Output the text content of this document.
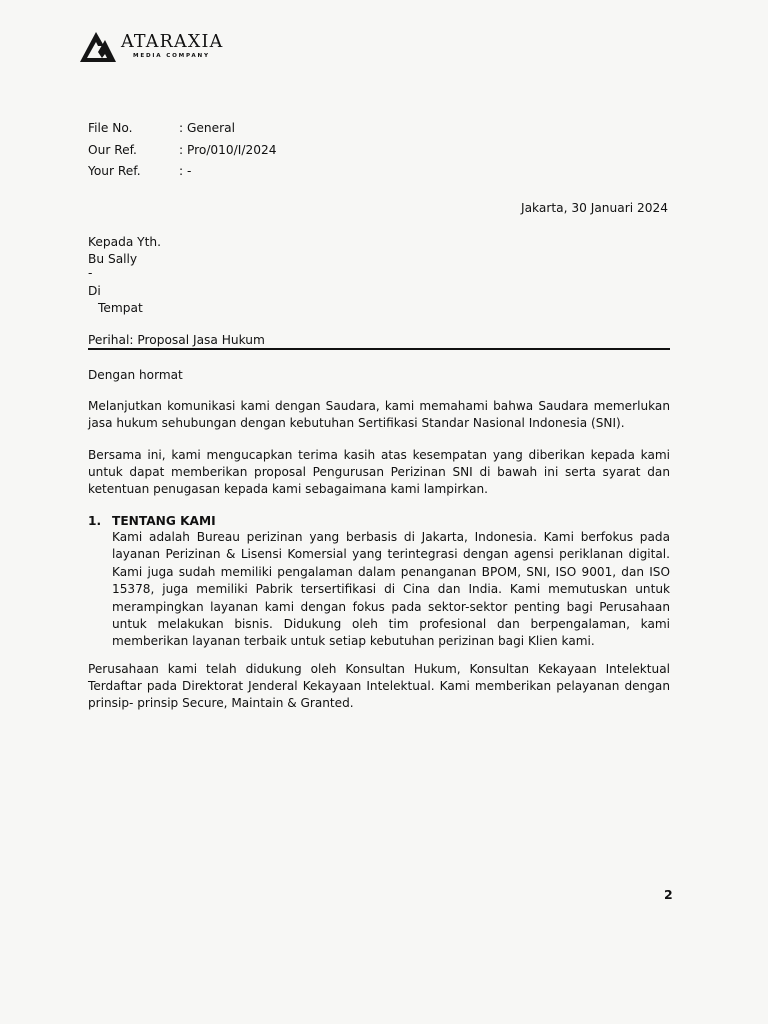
ATARAXIA
MEDIA COMPANY
File No.	: General
Our Ref.	: Pro/010/I/2024
Your Ref.	: -
Jakarta, 30 Januari 2024
Kepada Yth.
Bu Sally
-
Di
Tempat
Perihal: Proposal Jasa Hukum

Dengan hormat

Melanjutkan komunikasi kami dengan Saudara, kami memahami bahwa Saudara memerlukan jasa hukum sehubungan dengan kebutuhan Sertifikasi Standar Nasional Indonesia (SNI).

Bersama ini, kami mengucapkan terima kasih atas kesempatan yang diberikan kepada kami untuk dapat memberikan proposal Pengurusan Perizinan SNI di bawah ini serta syarat dan ketentuan penugasan kepada kami sebagaimana kami lampirkan.

1. TENTANG KAMI

Kami adalah Bureau perizinan yang berbasis di Jakarta, Indonesia. Kami berfokus pada layanan Perizinan & Lisensi Komersial yang terintegrasi dengan agensi periklanan digital. Kami juga sudah memiliki pengalaman dalam penanganan BPOM, SNI, ISO 9001, dan ISO 15378, juga memiliki Pabrik tersertifikasi di Cina dan India. Kami memutuskan untuk merampingkan layanan kami dengan fokus pada sektor-sektor penting bagi Perusahaan untuk melakukan bisnis. Didukung oleh tim profesional dan berpengalaman, kami memberikan layanan terbaik untuk setiap kebutuhan perizinan bagi Klien kami.

Perusahaan kami telah didukung oleh Konsultan Hukum, Konsultan Kekayaan Intelektual Terdaftar pada Direktorat Jenderal Kekayaan Intelektual. Kami memberikan pelayanan dengan prinsip- prinsip Secure, Maintain & Granted.

2
